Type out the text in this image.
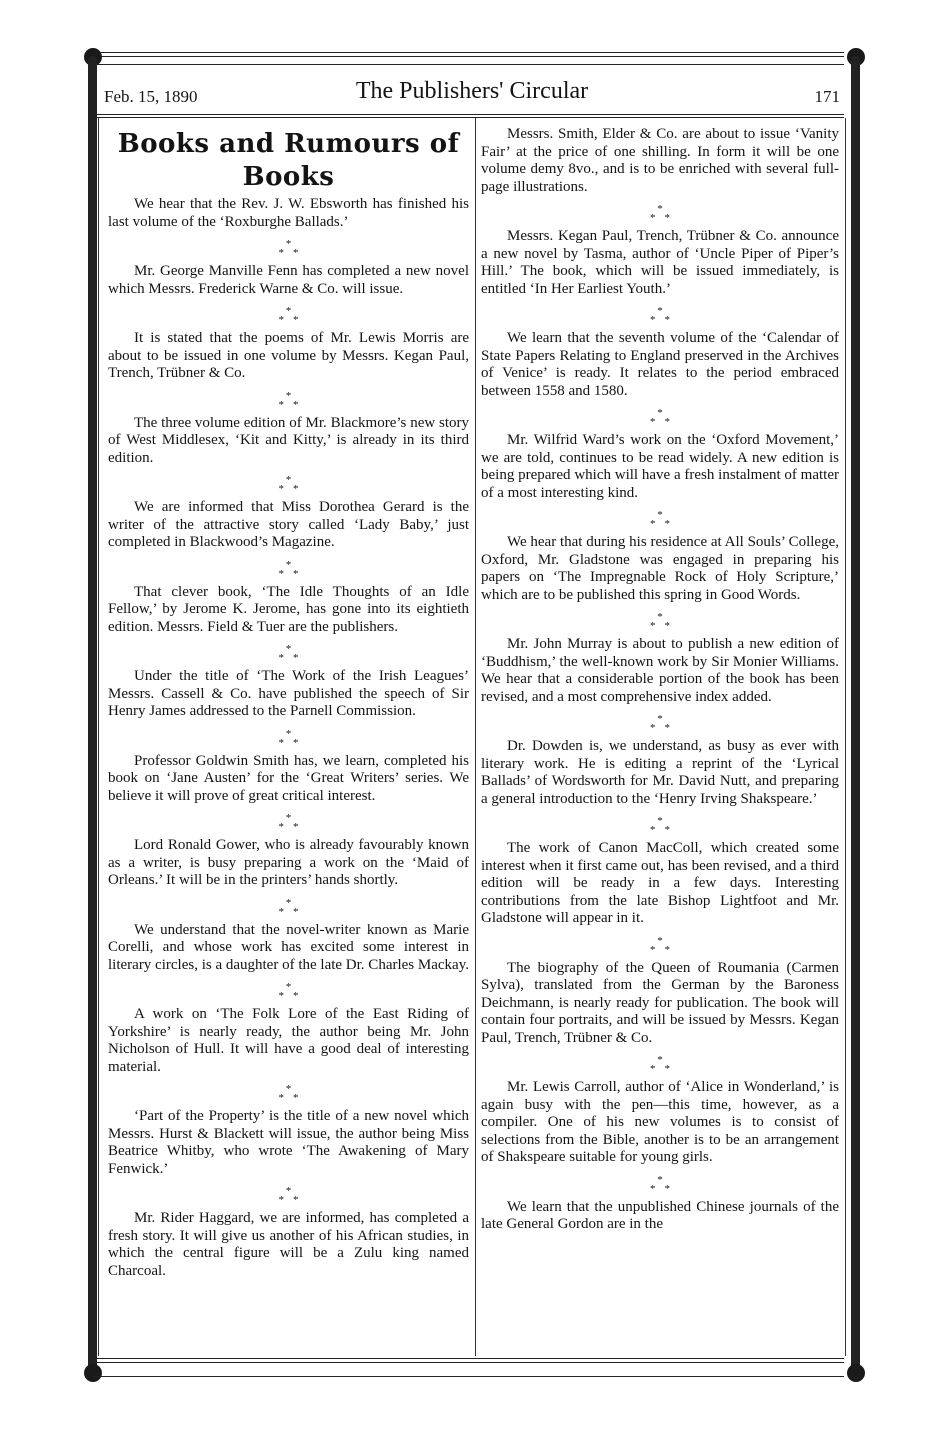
Feb. 15, 1890	The Publishers' Circular	171
Books and Rumours of
Books

We hear that the Rev. J. W. Ebsworth has finished his last volume of the ‘Roxburghe Ballads.’

*
**

Mr. George Manville Fenn has completed a new novel which Messrs. Frederick Warne & Co. will issue.

*
**

It is stated that the poems of Mr. Lewis Morris are about to be issued in one volume by Messrs. Kegan Paul, Trench, Trübner & Co.

*
**

The three volume edition of Mr. Blackmore’s new story of West Middlesex, ‘Kit and Kitty,’ is already in its third edition.

*
**

We are informed that Miss Dorothea Gerard is the writer of the attractive story called ‘Lady Baby,’ just completed in Blackwood’s Magazine.

*
**

That clever book, ‘The Idle Thoughts of an Idle Fellow,’ by Jerome K. Jerome, has gone into its eightieth edition. Messrs. Field & Tuer are the publishers.

*
**

Under the title of ‘The Work of the Irish Leagues’ Messrs. Cassell & Co. have published the speech of Sir Henry James addressed to the Parnell Commission.

*
**

Professor Goldwin Smith has, we learn, completed his book on ‘Jane Austen’ for the ‘Great Writers’ series. We believe it will prove of great critical interest.

*
**

Lord Ronald Gower, who is already favourably known as a writer, is busy preparing a work on the ‘Maid of Orleans.’ It will be in the printers’ hands shortly.

*
**

We understand that the novel-writer known as Marie Corelli, and whose work has excited some interest in literary circles, is a daughter of the late Dr. Charles Mackay.

*
**

A work on ‘The Folk Lore of the East Riding of Yorkshire’ is nearly ready, the author being Mr. John Nicholson of Hull. It will have a good deal of interesting material.

*
**

‘Part of the Property’ is the title of a new novel which Messrs. Hurst & Blackett will issue, the author being Miss Beatrice Whitby, who wrote ‘The Awakening of Mary Fenwick.’

*
**

Mr. Rider Haggard, we are informed, has completed a fresh story. It will give us another of his African studies, in which the central figure will be a Zulu king named Charcoal.

Messrs. Smith, Elder & Co. are about to issue ‘Vanity Fair’ at the price of one shilling. In form it will be one volume demy 8vo., and is to be enriched with several full-page illustrations.

*
**

Messrs. Kegan Paul, Trench, Trübner & Co. announce a new novel by Tasma, author of ‘Uncle Piper of Piper’s Hill.’ The book, which will be issued immediately, is entitled ‘In Her Earliest Youth.’

*
**

We learn that the seventh volume of the ‘Calendar of State Papers Relating to England preserved in the Archives of Venice’ is ready. It relates to the period embraced between 1558 and 1580.

*
**

Mr. Wilfrid Ward’s work on the ‘Oxford Movement,’ we are told, continues to be read widely. A new edition is being prepared which will have a fresh instalment of matter of a most interesting kind.

*
**

We hear that during his residence at All Souls’ College, Oxford, Mr. Gladstone was engaged in preparing his papers on ‘The Impregnable Rock of Holy Scripture,’ which are to be published this spring in Good Words.

*
**

Mr. John Murray is about to publish a new edition of ‘Buddhism,’ the well-known work by Sir Monier Williams. We hear that a considerable portion of the book has been revised, and a most comprehensive index added.

*
**

Dr. Dowden is, we understand, as busy as ever with literary work. He is editing a reprint of the ‘Lyrical Ballads’ of Wordsworth for Mr. David Nutt, and preparing a general introduction to the ‘Henry Irving Shakspeare.’

*
**

The work of Canon MacColl, which created some interest when it first came out, has been revised, and a third edition will be ready in a few days. Interesting contributions from the late Bishop Lightfoot and Mr. Gladstone will appear in it.

*
**

The biography of the Queen of Roumania (Carmen Sylva), translated from the German by the Baroness Deichmann, is nearly ready for publication. The book will contain four portraits, and will be issued by Messrs. Kegan Paul, Trench, Trübner & Co.

*
**

Mr. Lewis Carroll, author of ‘Alice in Wonderland,’ is again busy with the pen—this time, however, as a compiler. One of his new volumes is to consist of selections from the Bible, another is to be an arrangement of Shakspeare suitable for young girls.

*
**

We learn that the unpublished Chinese journals of the late General Gordon are in the
